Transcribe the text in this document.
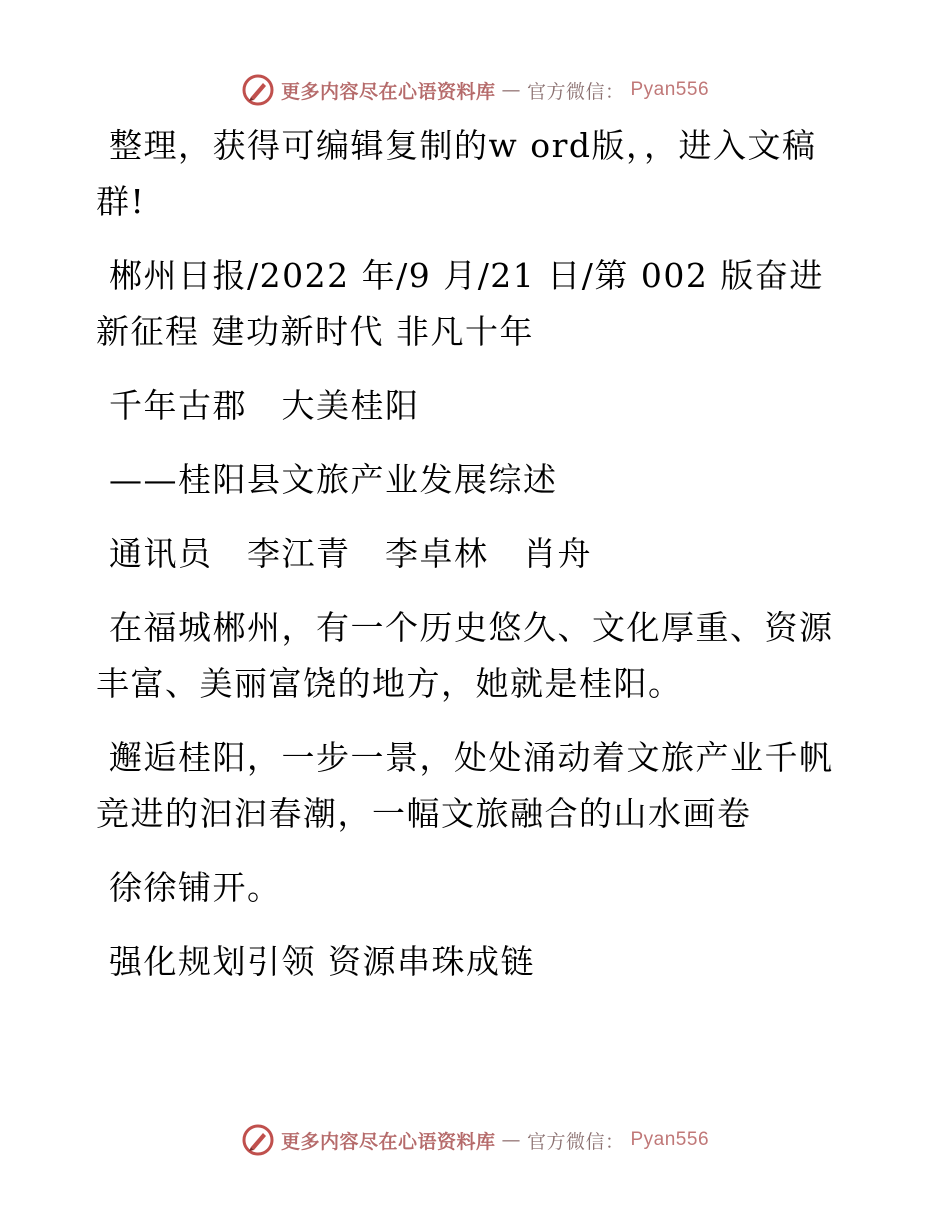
更多内容尽在心语资料库 — 官方微信： Pyan556

整理，获得可编辑复制的w ord版，，进入文稿群!

郴州日报/2022 年/9 月/21 日/第 002 版奋进新征程 建功新时代 非凡十年

千年古郡　大美桂阳

——桂阳县文旅产业发展综述

通讯员　李江青　李卓林　肖舟

在福城郴州，有一个历史悠久、文化厚重、资源丰富、美丽富饶的地方，她就是桂阳。

邂逅桂阳，一步一景，处处涌动着文旅产业千帆竞进的汩汩春潮，一幅文旅融合的山水画卷

徐徐铺开。

强化规划引领 资源串珠成链

更多内容尽在心语资料库 — 官方微信： Pyan556
